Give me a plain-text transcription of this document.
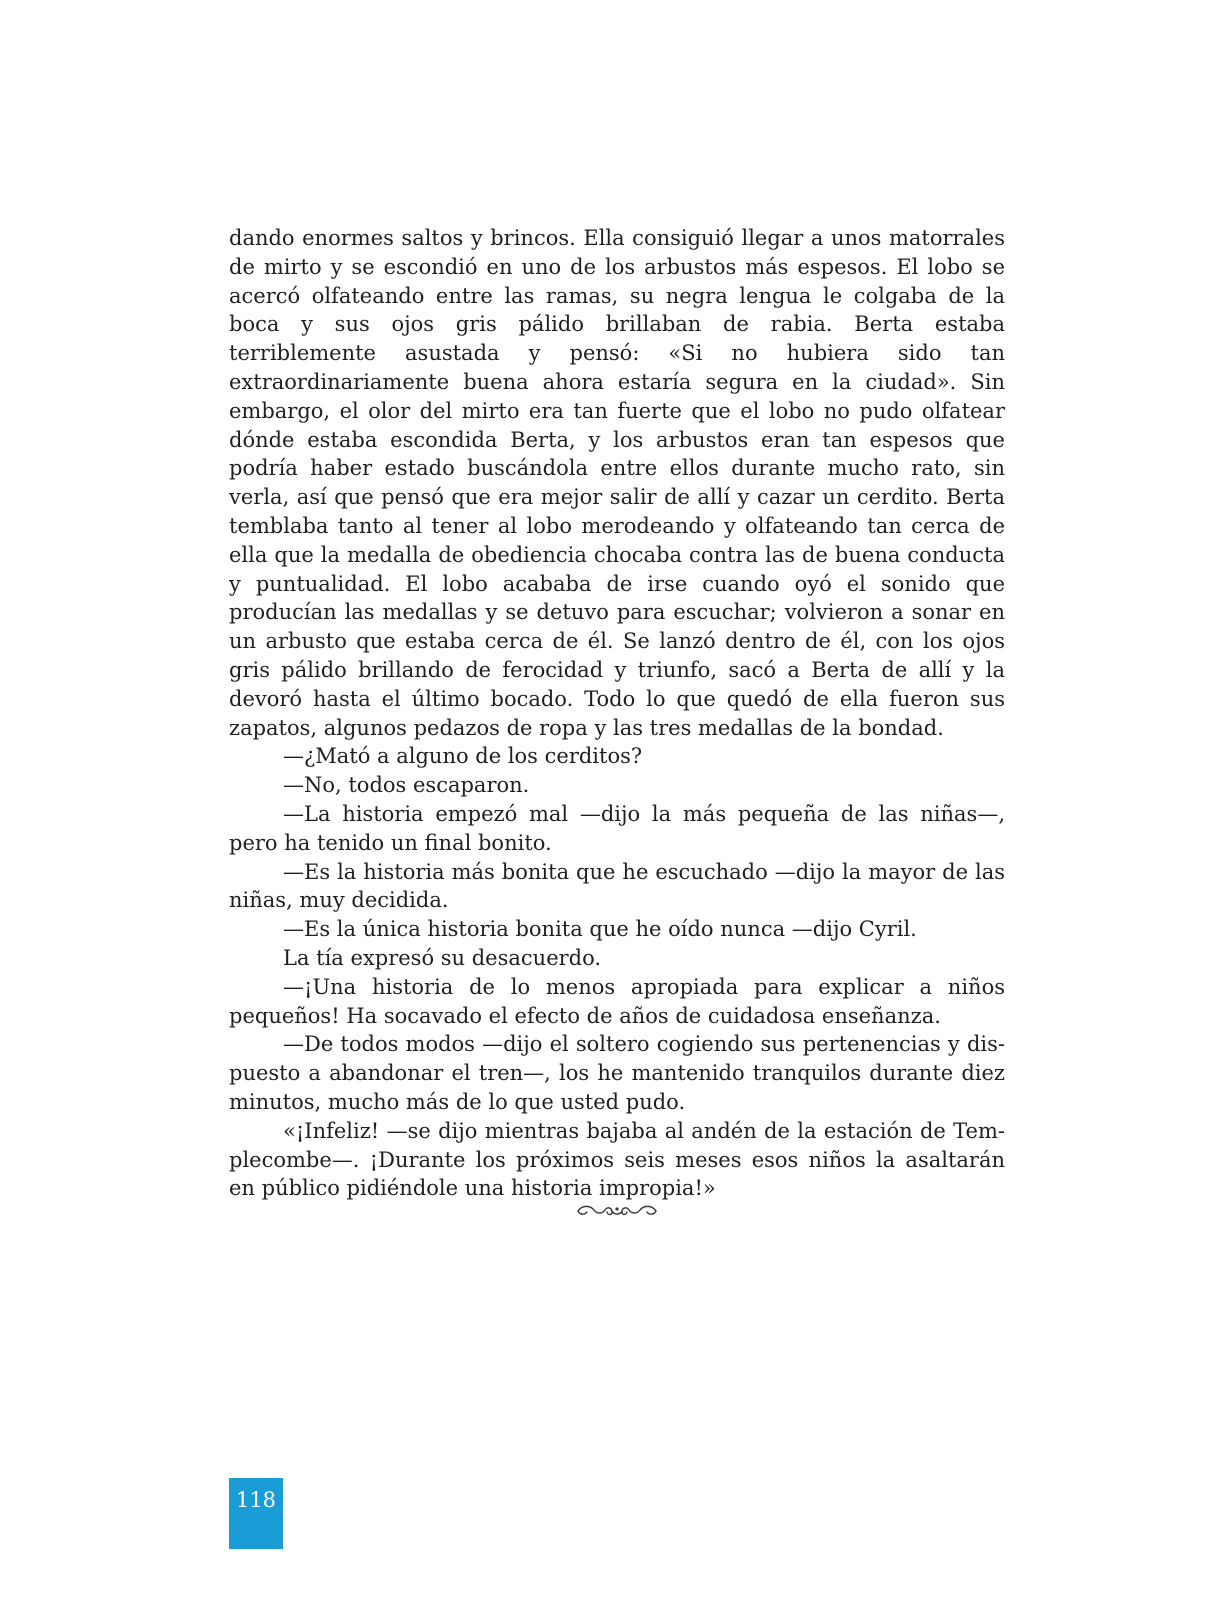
dando enormes saltos y brincos. Ella consiguió llegar a unos matorrales de mirto y se escondió en uno de los arbustos más espesos. El lobo se acercó olfateando entre las ramas, su negra lengua le colgaba de la boca y sus ojos gris pálido brillaban de rabia. Berta estaba terriblemente asustada y pensó: «Si no hubiera sido tan extraordinariamente buena ahora estaría segura en la ciudad». Sin embargo, el olor del mirto era tan fuerte que el lobo no pudo olfatear dónde estaba escondida Berta, y los arbustos eran tan espesos que podría haber estado buscándola entre ellos durante mucho rato, sin verla, así que pensó que era mejor salir de allí y cazar un cerdito. Berta temblaba tanto al tener al lobo merodeando y olfateando tan cerca de ella que la medalla de obediencia chocaba contra las de buena conducta y puntualidad. El lobo acababa de irse cuando oyó el sonido que producían las medallas y se detuvo para escuchar; volvieron a sonar en un arbusto que estaba cerca de él. Se lanzó dentro de él, con los ojos gris pálido brillando de ferocidad y triunfo, sacó a Berta de allí y la devoró hasta el último bocado. Todo lo que quedó de ella fueron sus zapatos, algunos pedazos de ropa y las tres medallas de la bondad.

—¿Mató a alguno de los cerditos?

—No, todos escaparon.

—La historia empezó mal —dijo la más pequeña de las niñas—, pero ha tenido un final bonito.

—Es la historia más bonita que he escuchado —dijo la mayor de las niñas, muy decidida.

—Es la única historia bonita que he oído nunca —dijo Cyril.

La tía expresó su desacuerdo.

—¡Una historia de lo menos apropiada para explicar a niños pequeños! Ha socavado el efecto de años de cuidadosa enseñanza.

—De todos modos —dijo el soltero cogiendo sus pertenencias y dispuesto a abandonar el tren—, los he mantenido tranquilos durante diez minutos, mucho más de lo que usted pudo.

«¡Infeliz! —se dijo mientras bajaba al andén de la estación de Templecombe—. ¡Durante los próximos seis meses esos niños la asaltarán en público pidiéndole una historia impropia!»

118
